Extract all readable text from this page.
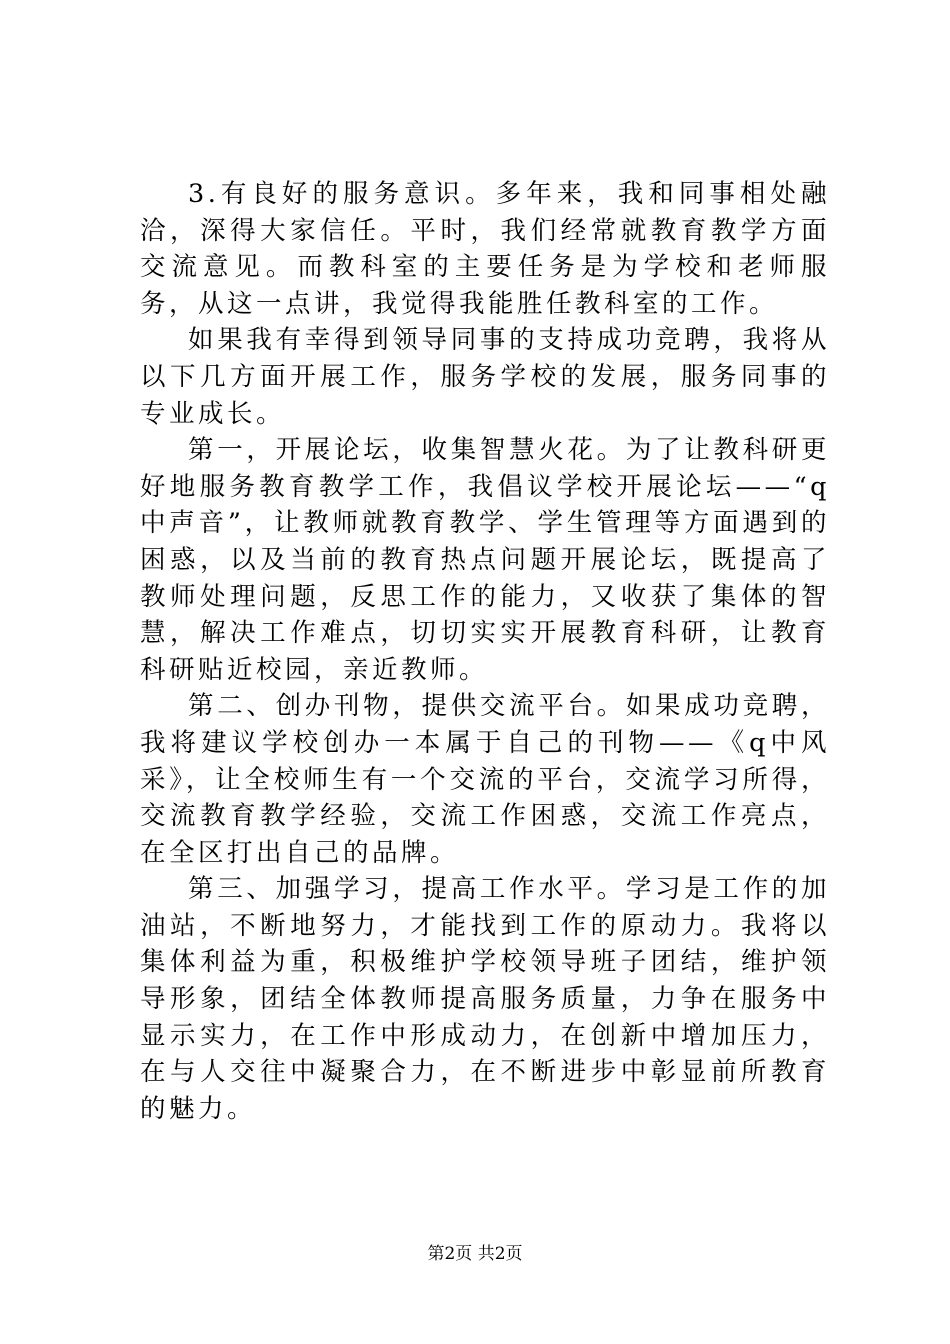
3.有良好的服务意识。多年来，我和同事相处融洽，深得大家信任。平时，我们经常就教育教学方面交流意见。而教科室的主要任务是为学校和老师服务，从这一点讲，我觉得我能胜任教科室的工作。

如果我有幸得到领导同事的支持成功竞聘，我将从以下几方面开展工作，服务学校的发展，服务同事的专业成长。

第一，开展论坛，收集智慧火花。为了让教科研更好地服务教育教学工作，我倡议学校开展论坛——“q中声音”，让教师就教育教学、学生管理等方面遇到的困惑，以及当前的教育热点问题开展论坛，既提高了教师处理问题，反思工作的能力，又收获了集体的智慧，解决工作难点，切切实实开展教育科研，让教育科研贴近校园，亲近教师。

第二、创办刊物，提供交流平台。如果成功竞聘，我将建议学校创办一本属于自己的刊物——《q中风采》，让全校师生有一个交流的平台，交流学习所得，交流教育教学经验，交流工作困惑，交流工作亮点，在全区打出自己的品牌。

第三、加强学习，提高工作水平。学习是工作的加油站，不断地努力，才能找到工作的原动力。我将以集体利益为重，积极维护学校领导班子团结，维护领导形象，团结全体教师提高服务质量，力争在服务中显示实力，在工作中形成动力，在创新中增加压力，在与人交往中凝聚合力，在不断进步中彰显前所教育的魅力。

第2页 共2页
